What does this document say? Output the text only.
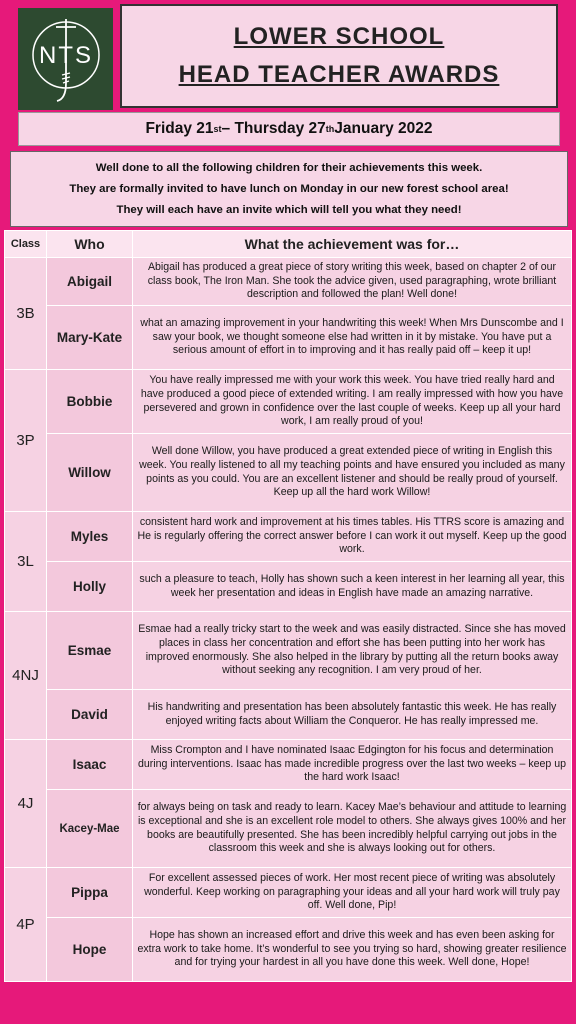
NTS
LOWER SCHOOL
HEAD TEACHER AWARDS
Friday 21 st – Thursday 27 th January 2022
Well done to all the following children for their achievements this week.
They are formally invited to have lunch on Monday in our new forest school area!
They will each have an invite which will tell you what they need!
Class	Who	What the achievement was for…
3B	Abigail	Abigail has produced a great piece of story writing this week, based on chapter 2 of our class book, The Iron Man. She took the advice given, used paragraphing, wrote brilliant description and followed the plan! Well done!
	Mary-Kate	what an amazing improvement in your handwriting this week! When Mrs Dunscombe and I saw your book, we thought someone else had written in it by mistake. You have put a serious amount of effort in to improving and it has really paid off – keep it up!
3P	Bobbie	You have really impressed me with your work this week. You have tried really hard and have produced a good piece of extended writing. I am really impressed with how you have persevered and grown in confidence over the last couple of weeks. Keep up all your hard work, I am really proud of you!
	Willow	Well done Willow, you have produced a great extended piece of writing in English this week. You really listened to all my teaching points and have ensured you included as many points as you could. You are an excellent listener and should be really proud of yourself. Keep up all the hard work Willow!
3L	Myles	consistent hard work and improvement at his times tables. His TTRS score is amazing and He is regularly offering the correct answer before I can work it out myself. Keep up the good work.
	Holly	such a pleasure to teach, Holly has shown such a keen interest in her learning all year, this week her presentation and ideas in English have made an amazing narrative.
4NJ	Esmae	Esmae had a really tricky start to the week and was easily distracted. Since she has moved places in class her concentration and effort she has been putting into her work has improved enormously. She also helped in the library by putting all the return books away without seeking any recognition. I am very proud of her.
	David	His handwriting and presentation has been absolutely fantastic this week. He has really enjoyed writing facts about William the Conqueror. He has really impressed me.
4J	Isaac	Miss Crompton and I have nominated Isaac Edgington for his focus and determination during interventions. Isaac has made incredible progress over the last two weeks – keep up the hard work Isaac!
	Kacey-Mae	for always being on task and ready to learn. Kacey Mae’s behaviour and attitude to learning is exceptional and she is an excellent role model to others. She always gives 100% and her books are beautifully presented. She has been incredibly helpful carrying out jobs in the classroom this week and she is always looking out for others.
4P	Pippa	For excellent assessed pieces of work. Her most recent piece of writing was absolutely wonderful. Keep working on paragraphing your ideas and all your hard work will truly pay off. Well done, Pip!
	Hope	Hope has shown an increased effort and drive this week and has even been asking for extra work to take home. It’s wonderful to see you trying so hard, showing greater resilience and for trying your hardest in all you have done this week. Well done, Hope!
